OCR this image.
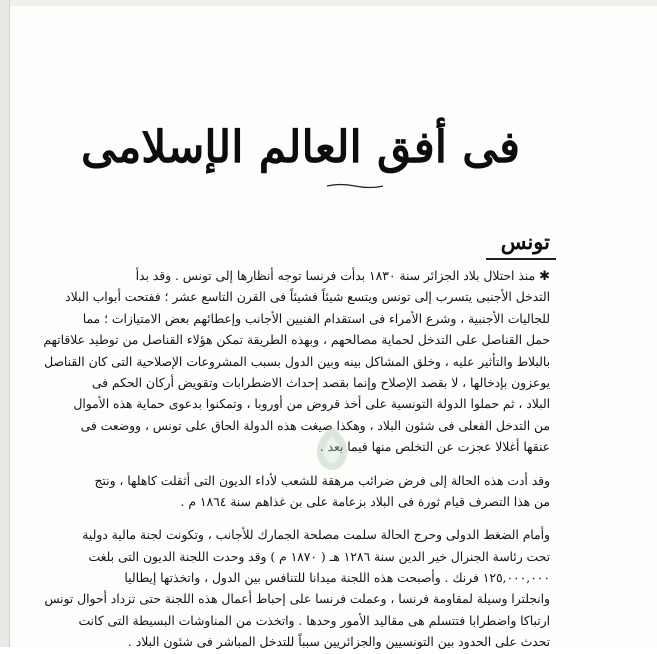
فى أفق العالم الإسلامى
تونس
✱منذ احتلال بلاد الجزائر سنة ١٨٣٠ بدأت فرنسا توجه أنظارها إلى تونس . وقد بدأ
التدخل الأجنبى يتسرب إلى تونس ويتسع شيئاً فشيئاً فى القرن التاسع عشر ؛ ففتحت أبواب البلاد
للجاليات الأجنبية ، وشرع الأمراء فى استقدام الفنيين الأجانب وإعطائهم بعض الامتيازات ؛ مما
حمل القناصل على التدخل لحماية مصالحهم ، وبهذه الطريقة تمكن هؤلاء القناصل من توطيد علاقاتهم
بالبلاط والتأثير عليه ، وخلق المشاكل بينه وبين الدول بسبب المشروعات الإصلاحية التى كان القناصل
يوعزون بإدخالها ، لا بقصد الإصلاح وإنما بقصد إحداث الاضطرابات وتقويض أركان الحكم فى
البلاد ، ثم حملوا الدولة التونسية على أخذ قروض من أوروبا ، وتمكنوا بدعوى حماية هذه الأموال
من التدخل الفعلى فى شئون البلاد ، وهكذا صيغت هذه الدولة الحاق على تونس ، ووضعت فى
عنقها أغلالا عجزت عن التخلص منها فيما بعد .
وقد أدت هذه الحالة إلى فرض ضرائب مرهقة للشعب لأداء الديون التى أثقلت كاهلها ، ونتج
من هذا التصرف قيام ثورة فى البلاد بزعامة على بن غذاهم سنة ١٨٦٤ م .
وأمام الضغط الدولى وحرج الحالة سلمت مصلحة الجمارك للأجانب ، وتكونت لجنة مالية دولية
تحت رئاسة الجنرال خير الدين سنة ١٢٨٦ هـ ( ١٨٧٠ م ) وقد وحدت اللجنة الديون التى بلغت
١٢٥,٠٠٠,٠٠٠ فرنك . وأصبحت هذه اللجنة ميدانا للتنافس بين الدول ، واتخذتها إيطاليا
وانجلترا وسيلة لمقاومة فرنسا ، وعملت فرنسا على إحباط أعمال هذه اللجنة حتى تزداد أحوال تونس
ارتباكا واضطرابا فتتسلم هى مقاليد الأمور وحدها . واتخذت من المناوشات البسيطة التى كانت
تحدث على الحدود بين التونسيين والجزائريين سبباً للتدخل المباشر فى شئون البلاد .
